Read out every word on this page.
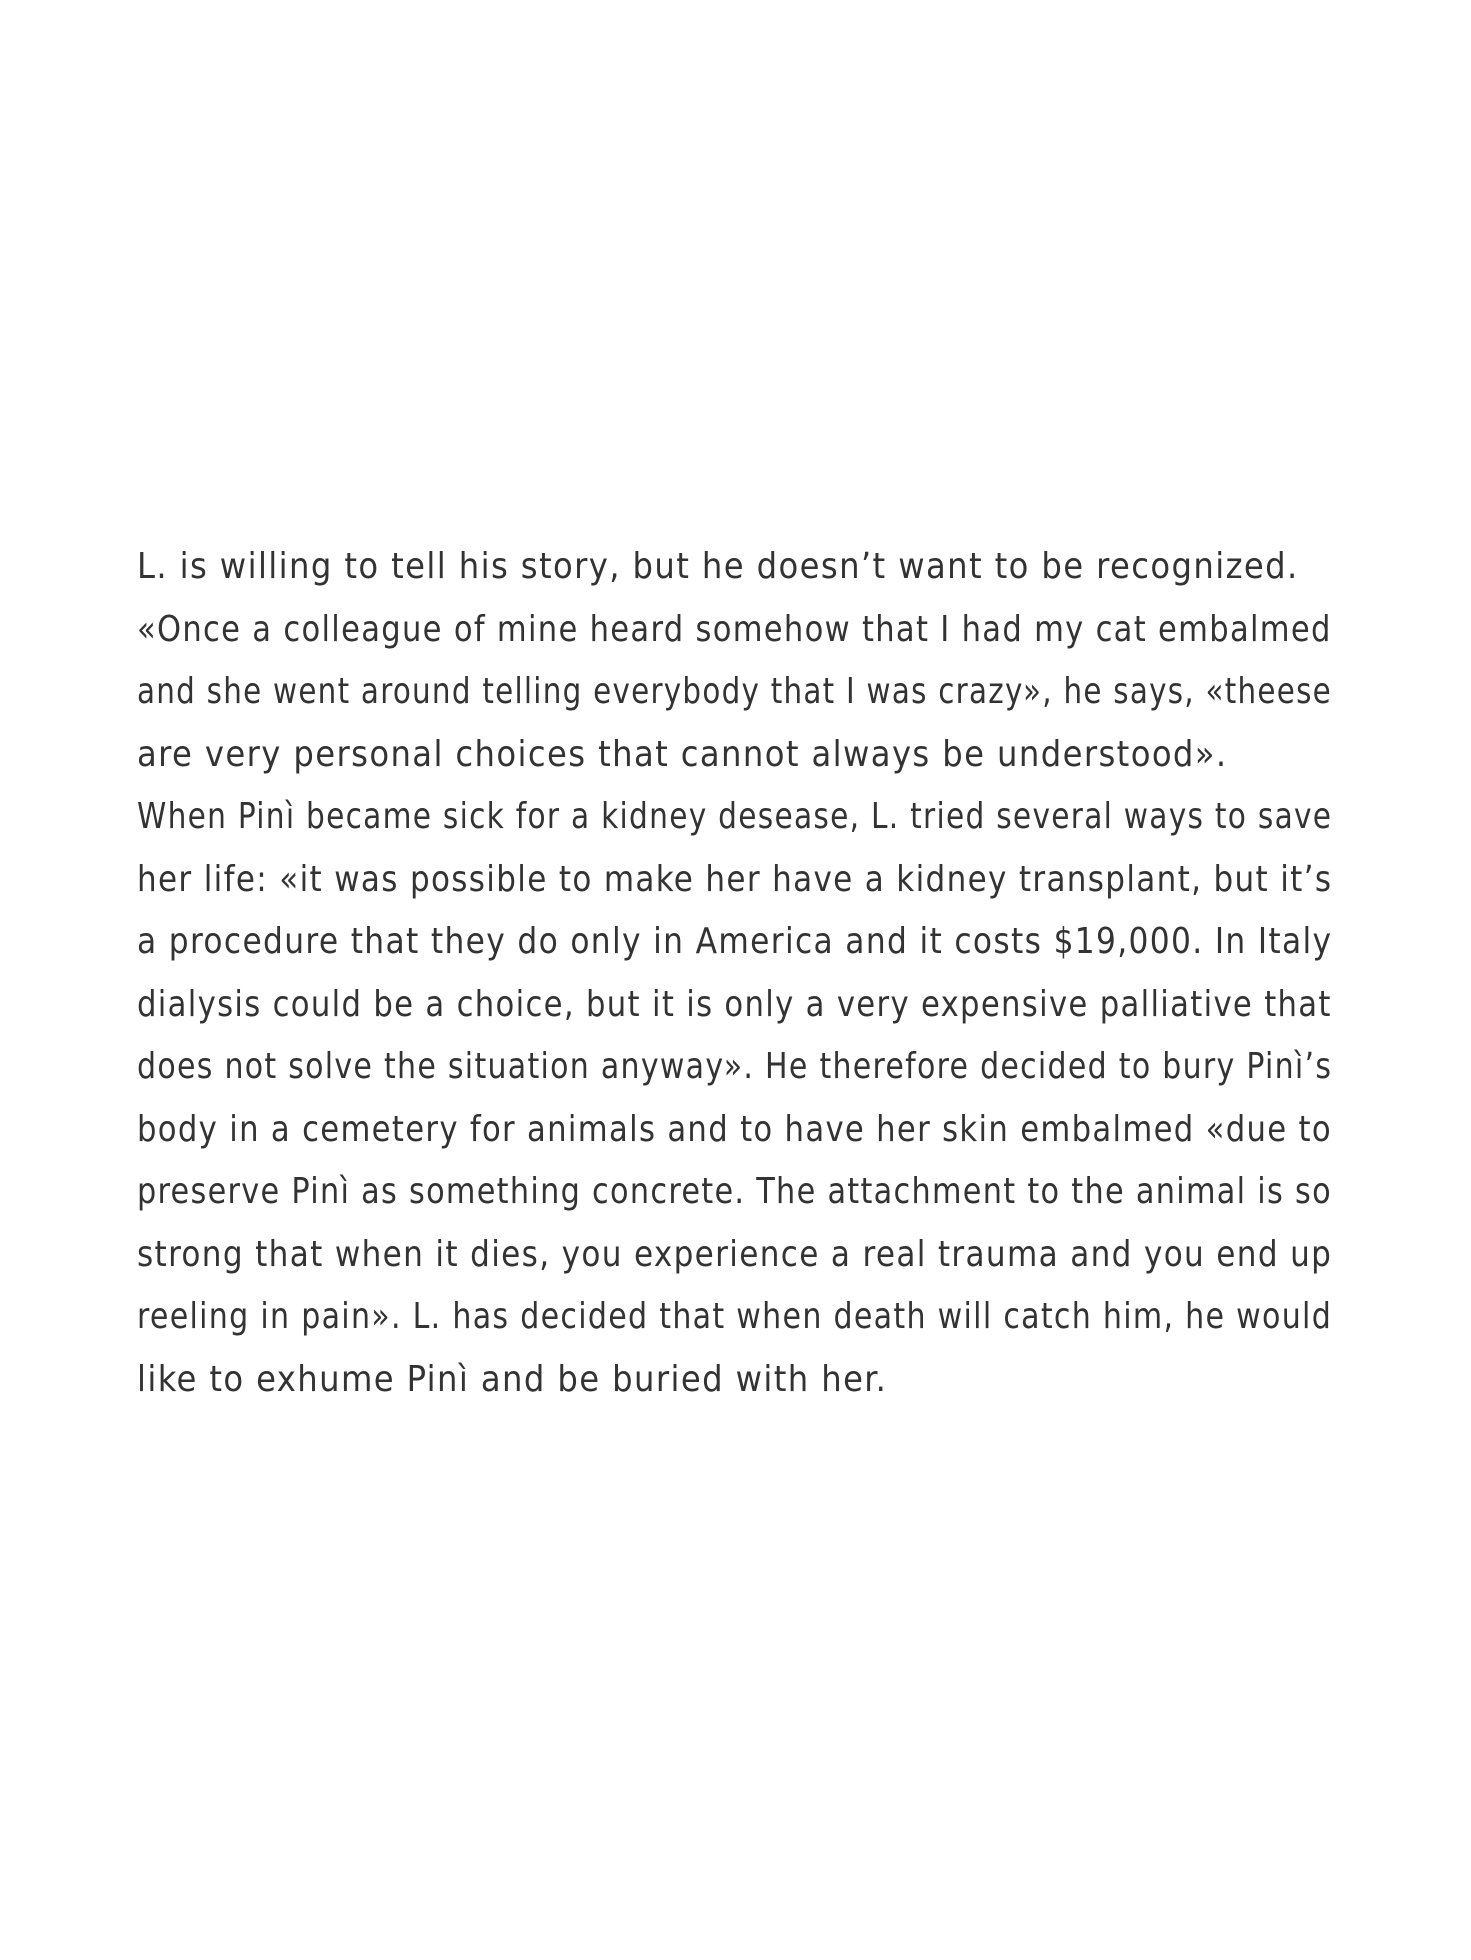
L. is willing to tell his story, but he doesn’t want to be recognized.
«Once a colleague of mine heard somehow that I had my cat embalmed
and she went around telling everybody that I was crazy», he says, «theese
are very personal choices that cannot always be understood».
When Pinì became sick for a kidney desease, L. tried several ways to save
her life: «it was possible to make her have a kidney transplant, but it’s
a procedure that they do only in America and it costs $19,000. In Italy
dialysis could be a choice, but it is only a very expensive palliative that
does not solve the situation anyway». He therefore decided to bury Pinì’s
body in a cemetery for animals and to have her skin embalmed «due to
preserve Pinì as something concrete. The attachment to the animal is so
strong that when it dies, you experience a real trauma and you end up
reeling in pain». L. has decided that when death will catch him, he would
like to exhume Pinì and be buried with her.
